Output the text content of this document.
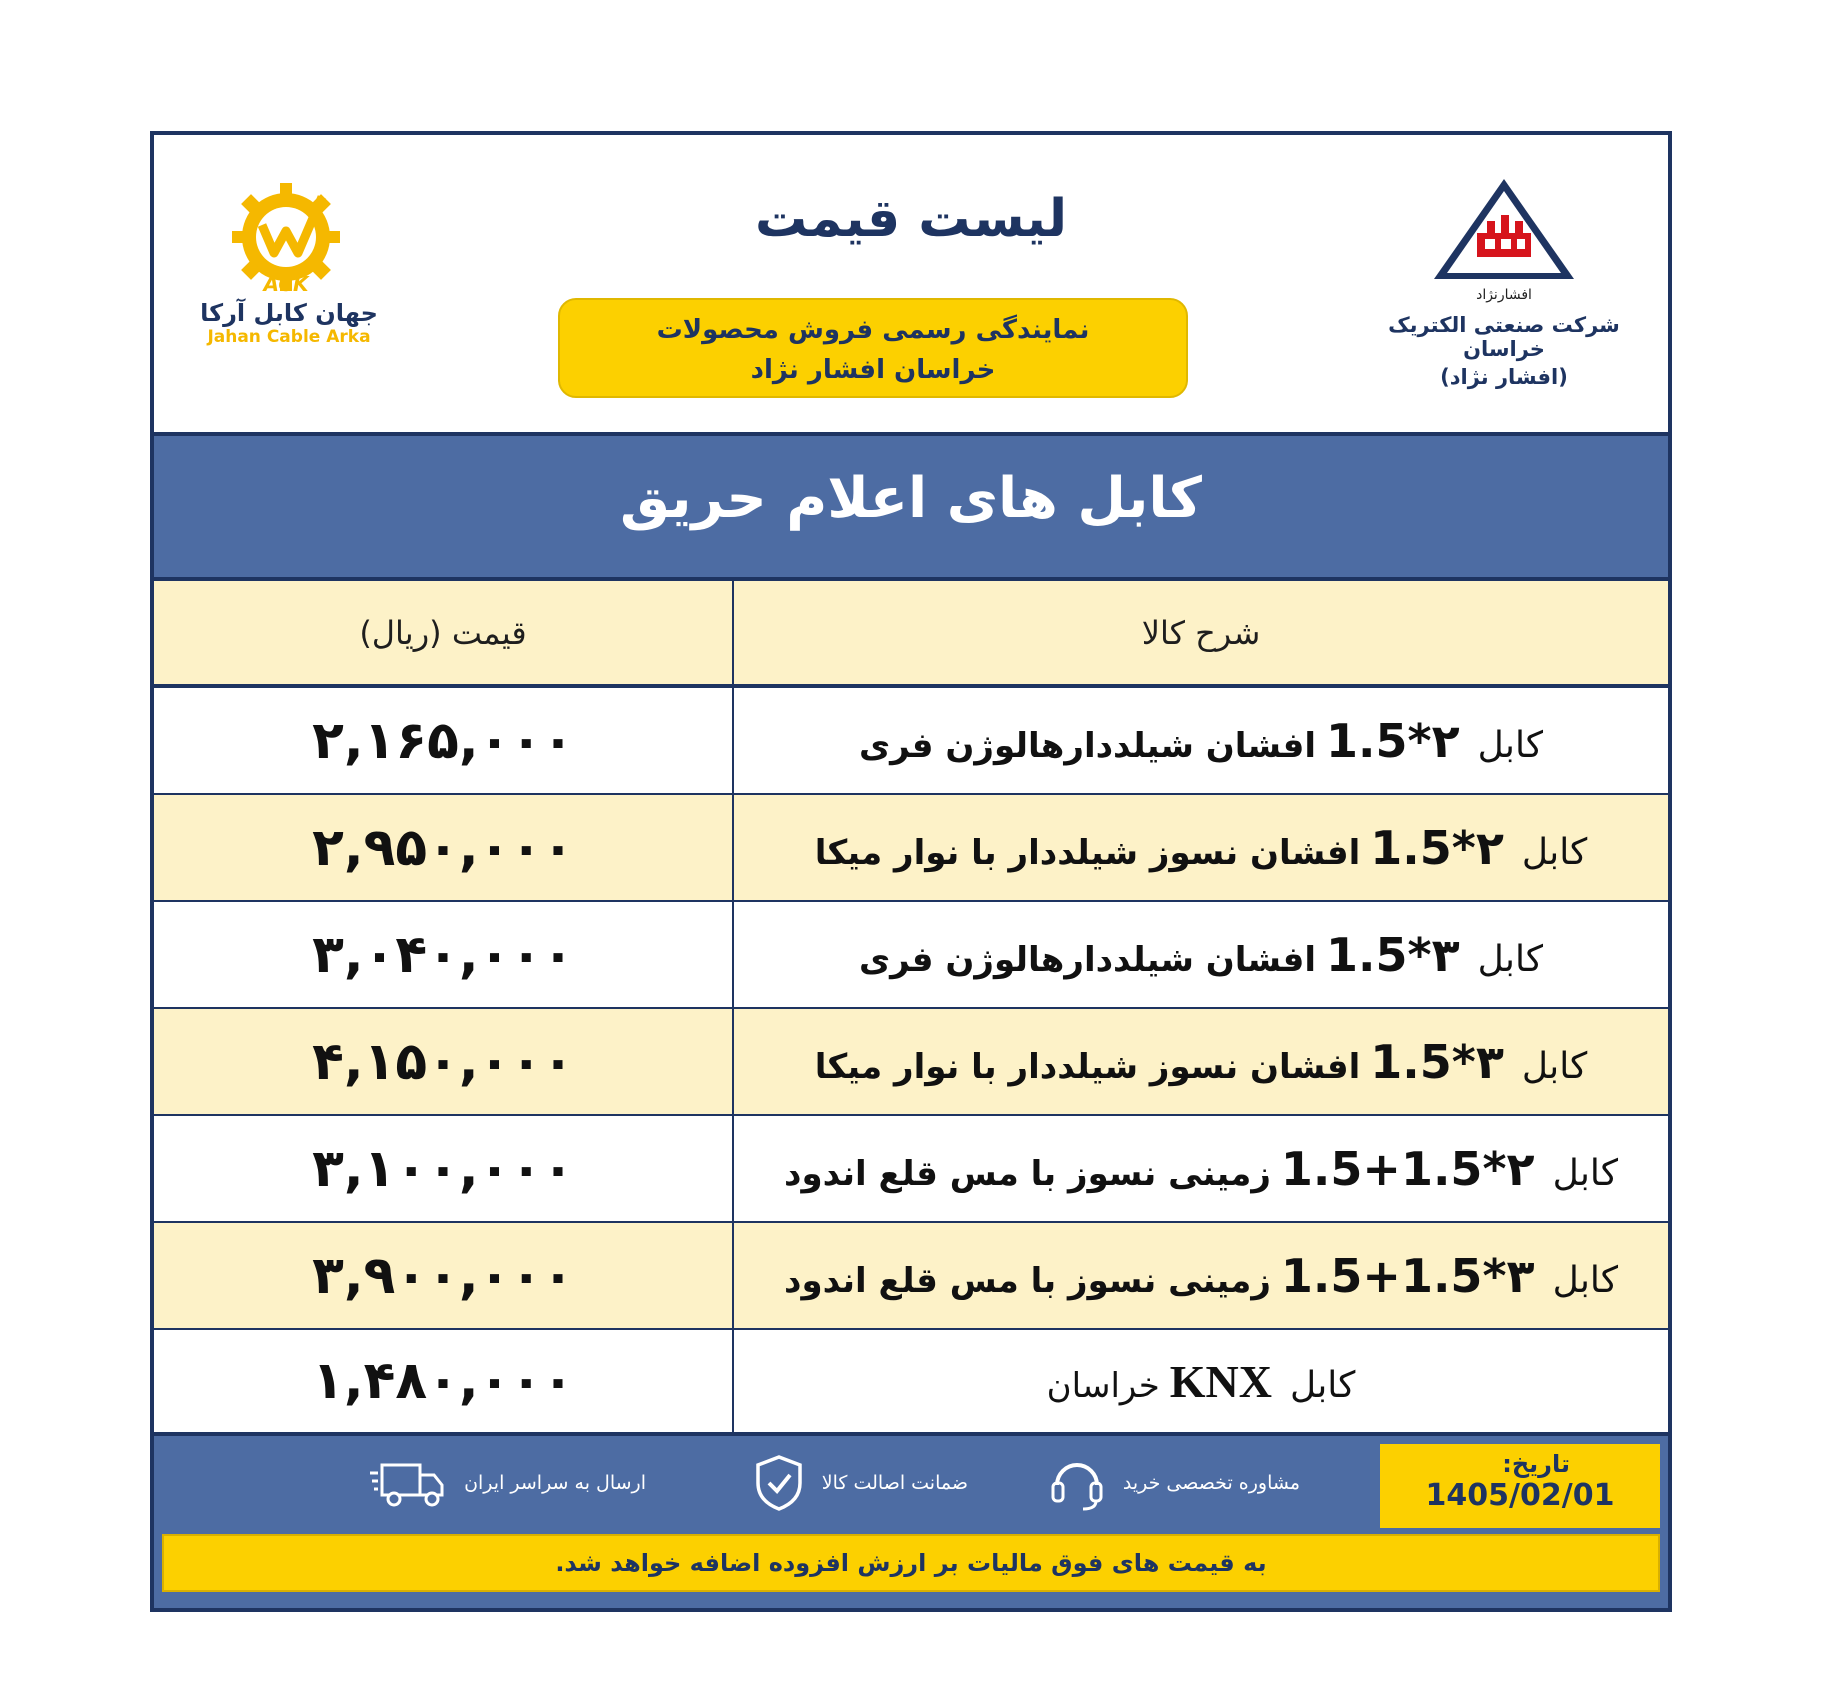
ACK
جهان کابل آرکا
Jahan Cable Arka
لیست قیمت
نمایندگی رسمی فروش محصولات
خراسان افشار نژاد
افشارنژاد
شرکت صنعتی الکتریک خراسان
(افشار نژاد)
کابل های اعلام حریق
شرح کالا
قیمت (ریال)
کابل۲*1.5افشان شیلددارهالوژن فری
۲,۱۶۵,۰۰۰
کابل۲*1.5افشان نسوز شیلددار با نوار میکا
۲,۹۵۰,۰۰۰
کابل۳*1.5افشان شیلددارهالوژن فری
۳,۰۴۰,۰۰۰
کابل۳*1.5افشان نسوز شیلددار با نوار میکا
۴,۱۵۰,۰۰۰
کابل۲*1.5+1.5زمینی نسوز با مس قلع اندود
۳,۱۰۰,۰۰۰
کابل۳*1.5+1.5زمینی نسوز با مس قلع اندود
۳,۹۰۰,۰۰۰
کابلKNXخراسان
۱,۴۸۰,۰۰۰
تاریخ:
1405/02/01
مشاوره تخصصی خرید
ضمانت اصالت کالا
ارسال به سراسر ایران
به قیمت های فوق مالیات بر ارزش افزوده اضافه خواهد شد.
